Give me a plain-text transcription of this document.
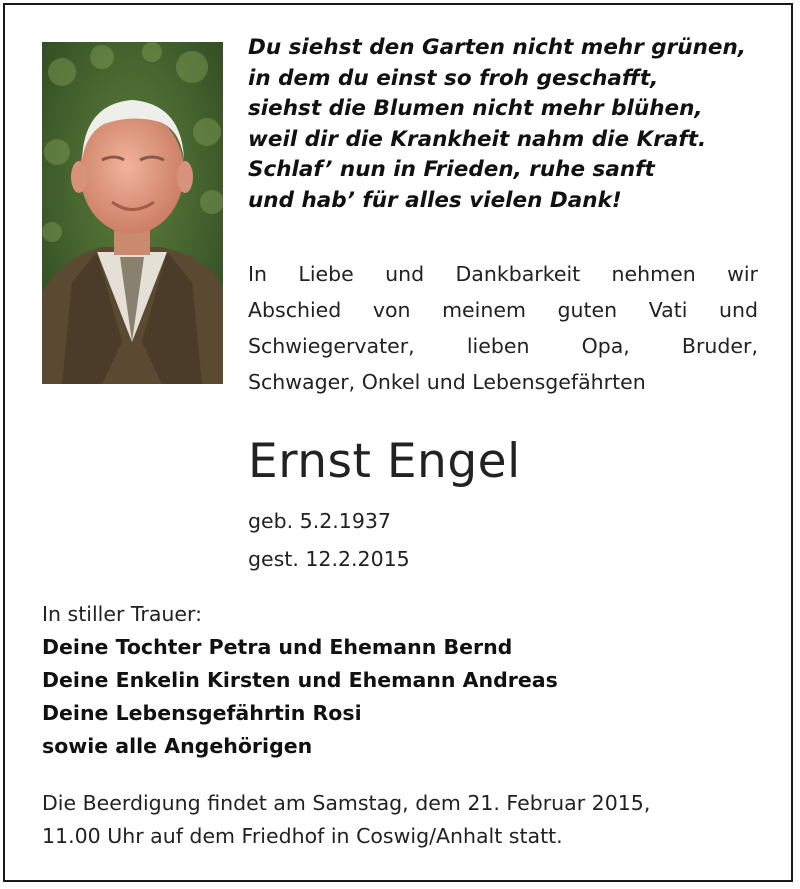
Du siehst den Garten nicht mehr grünen,
in dem du einst so froh geschafft,
siehst die Blumen nicht mehr blühen,
weil dir die Krankheit nahm die Kraft.
Schlaf’ nun in Frieden, ruhe sanft
und hab’ für alles vielen Dank!
In Liebe und Dankbarkeit nehmen wir
Abschied von meinem guten Vati und
Schwiegervater, lieben Opa, Bruder,
Schwager, Onkel und Lebensgefährten
Ernst Engel
geb. 5.2.1937
gest. 12.2.2015
In stiller Trauer:
Deine Tochter Petra und Ehemann Bernd
Deine Enkelin Kirsten und Ehemann Andreas
Deine Lebensgefährtin Rosi
sowie alle Angehörigen
Die Beerdigung findet am Samstag, dem 21. Februar 2015,
11.00 Uhr auf dem Friedhof in Coswig/Anhalt statt.
